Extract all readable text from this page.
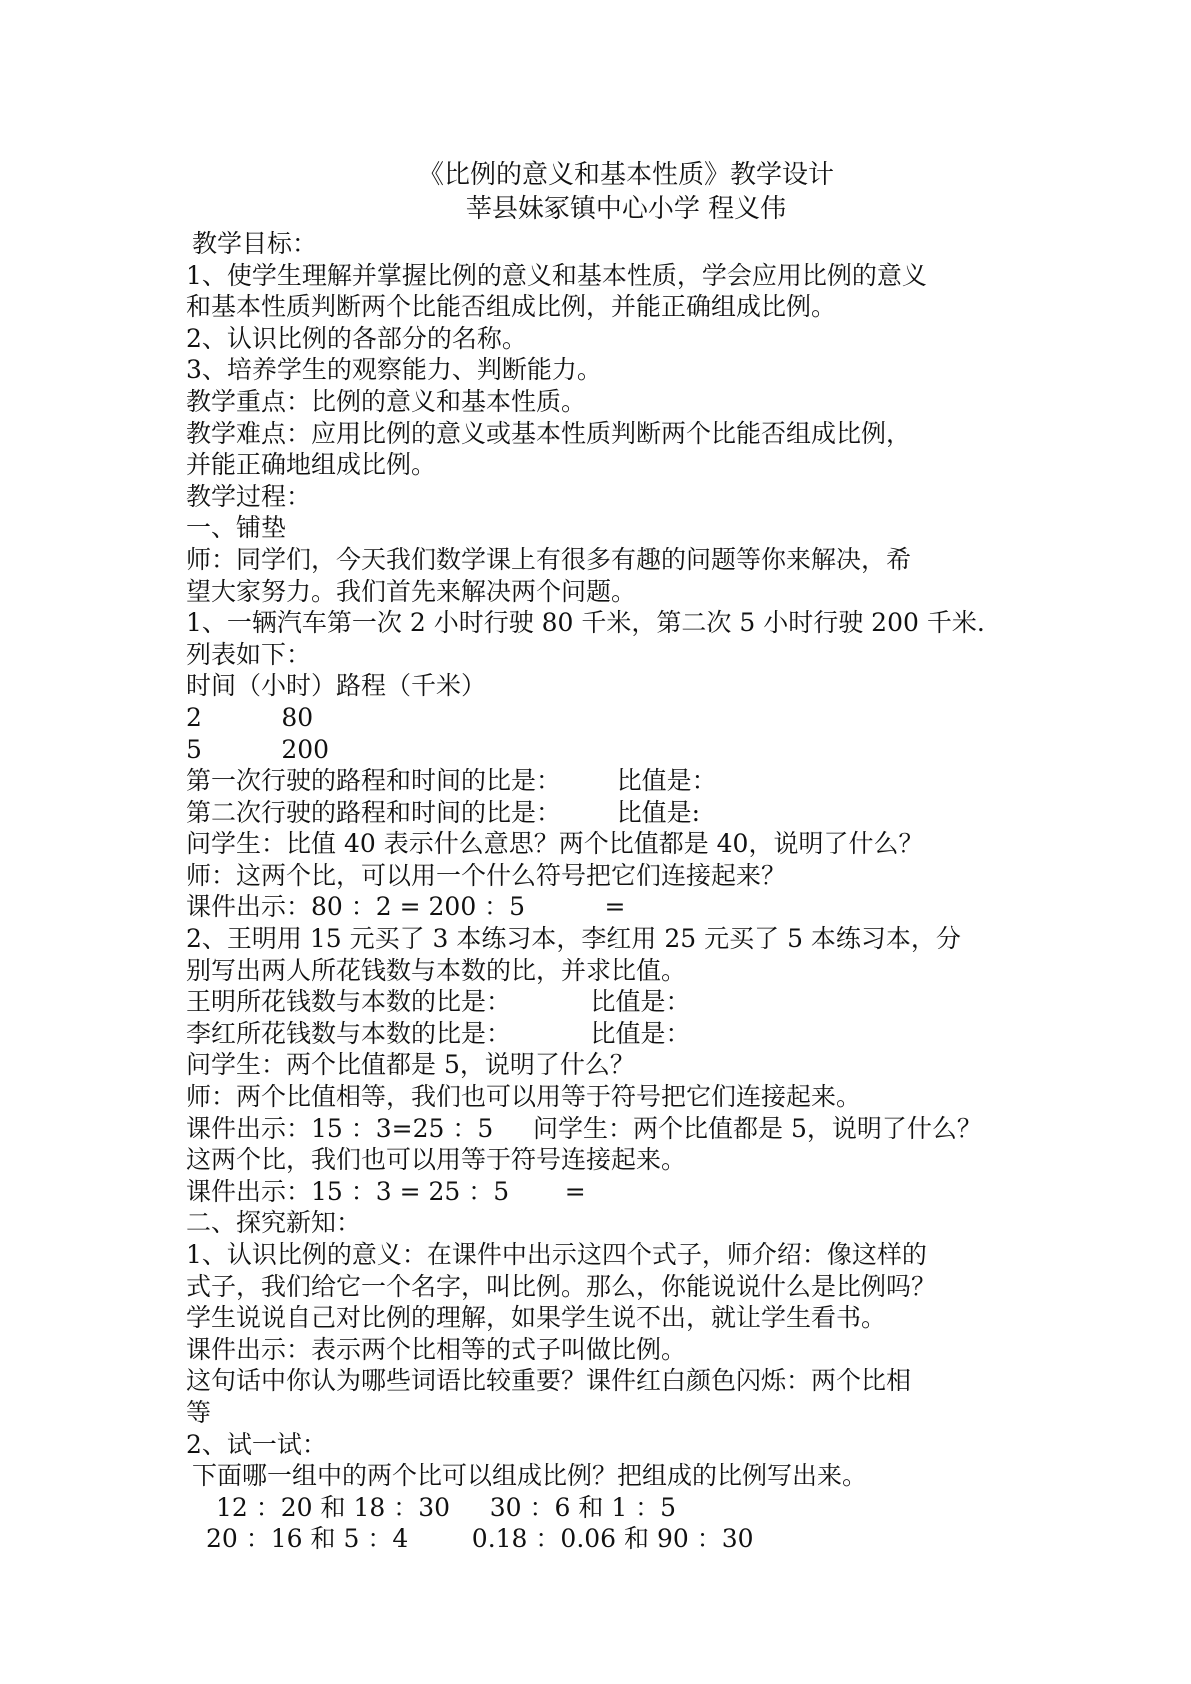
《比例的意义和基本性质》教学设计

莘县妹冢镇中心小学 程义伟

教学目标：

1、使学生理解并掌握比例的意义和基本性质，学会应用比例的意义

和基本性质判断两个比能否组成比例，并能正确组成比例。

2、认识比例的各部分的名称。

3、培养学生的观察能力、判断能力。

教学重点：比例的意义和基本性质。

教学难点：应用比例的意义或基本性质判断两个比能否组成比例，

并能正确地组成比例。

教学过程：

一、铺垫

师：同学们，今天我们数学课上有很多有趣的问题等你来解决，希

望大家努力。我们首先来解决两个问题。

1、一辆汽车第一次 2 小时行驶 80 千米，第二次 5 小时行驶 200 千米.

列表如下：

时间（小时）路程（千米）

2          80

5          200

第一次行驶的路程和时间的比是：       比值是：

第二次行驶的路程和时间的比是：       比值是:

问学生：比值 40 表示什么意思？两个比值都是 40，说明了什么？

师：这两个比，可以用一个什么符号把它们连接起来？

课件出示：80 ：2 = 200 ：5          =

2、王明用 15 元买了 3 本练习本，李红用 25 元买了 5 本练习本，分

别写出两人所花钱数与本数的比，并求比值。

王明所花钱数与本数的比是：          比值是：

李红所花钱数与本数的比是：          比值是：

问学生：两个比值都是 5，说明了什么？

师：两个比值相等，我们也可以用等于符号把它们连接起来。

课件出示：15 ：3=25 ：5     问学生：两个比值都是 5，说明了什么？

这两个比，我们也可以用等于符号连接起来。

课件出示：15 ：3 = 25 ：5       =

二、探究新知：

1、认识比例的意义：在课件中出示这四个式子，师介绍：像这样的

式子，我们给它一个名字，叫比例。那么，你能说说什么是比例吗？

学生说说自己对比例的理解，如果学生说不出，就让学生看书。

课件出示：表示两个比相等的式子叫做比例。

这句话中你认为哪些词语比较重要？课件红白颜色闪烁：两个比相

等

2、试一试：

下面哪一组中的两个比可以组成比例？把组成的比例写出来。

12 ：20 和 18 ：30     30 ：6 和 1 ：5

20 ：16 和 5 ：4        0.18 ：0.06 和 90 ：30
